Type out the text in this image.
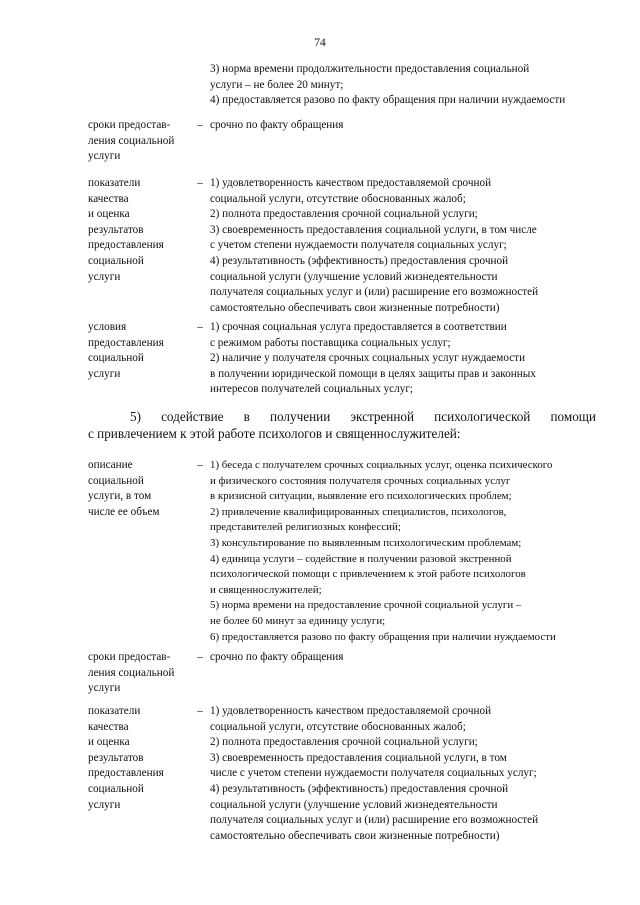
74
3) норма времени продолжительности предоставления социальной
услуги – не более 20 минут;
4) предоставляется разово по факту обращения при наличии нуждаемости
сроки предостав-
ления социальной
услуги
– срочно по факту обращения
показатели
качества
и оценка
результатов
предоставления
социальной
услуги
– 1) удовлетворенность качеством предоставляемой срочной
социальной услуги, отсутствие обоснованных жалоб;
2) полнота предоставления срочной социальной услуги;
3) своевременность предоставления социальной услуги, в том числе
с учетом степени нуждаемости получателя социальных услуг;
4) результативность (эффективность) предоставления срочной
социальной услуги (улучшение условий жизнедеятельности
получателя социальных услуг и (или) расширение его возможностей
самостоятельно обеспечивать свои жизненные потребности)
условия
предоставления
социальной
услуги
– 1) срочная социальная услуга предоставляется в соответствии
с режимом работы поставщика социальных услуг;
2) наличие у получателя срочных социальных услуг нуждаемости
в получении юридической помощи в целях защиты прав и законных
интересов получателей социальных услуг;
5) содействие в получении экстренной психологической помощи
с привлечением к этой работе психологов и священнослужителей:
описание
социальной
услуги, в том
числе ее объем
– 1) беседа с получателем срочных социальных услуг, оценка психического
и физического состояния получателя срочных социальных услуг
в кризисной ситуации, выявление его психологических проблем;
2) привлечение квалифицированных специалистов, психологов,
представителей религиозных конфессий;
3) консультирование по выявленным психологическим проблемам;
4) единица услуги – содействие в получении разовой экстренной
психологической помощи с привлечением к этой работе психологов
и священнослужителей;
5) норма времени на предоставление срочной социальной услуги –
не более 60 минут за единицу услуги;
6) предоставляется разово по факту обращения при наличии нуждаемости
сроки предостав-
ления социальной
услуги
– срочно по факту обращения
показатели
качества
и оценка
результатов
предоставления
социальной
услуги
– 1) удовлетворенность качеством предоставляемой срочной
социальной услуги, отсутствие обоснованных жалоб;
2) полнота предоставления срочной социальной услуги;
3) своевременность предоставления социальной услуги, в том
числе с учетом степени нуждаемости получателя социальных услуг;
4) результативность (эффективность) предоставления срочной
социальной услуги (улучшение условий жизнедеятельности
получателя социальных услуг и (или) расширение его возможностей
самостоятельно обеспечивать свои жизненные потребности)
